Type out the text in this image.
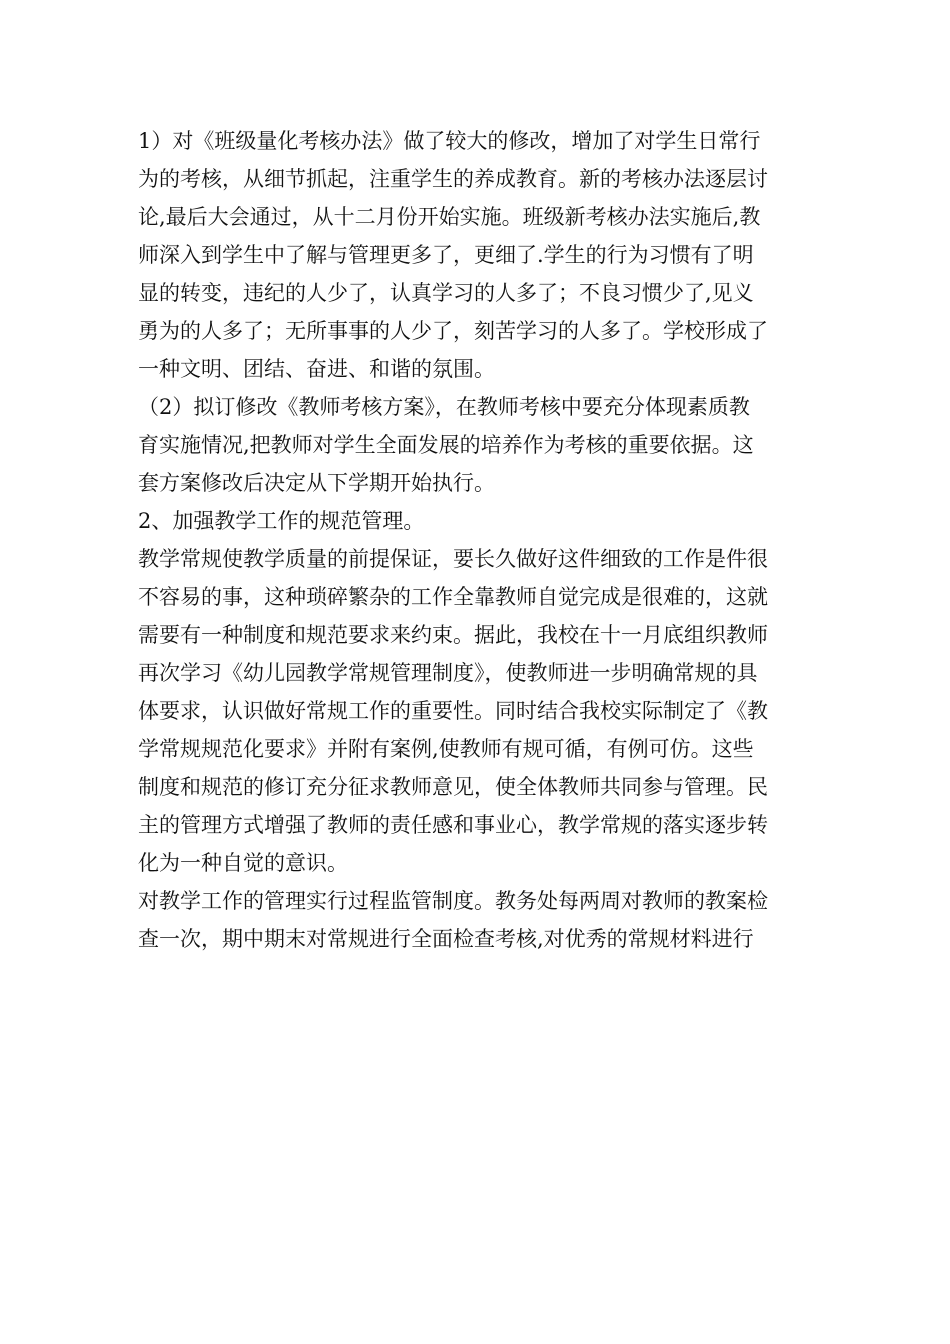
1）对《班级量化考核办法》做了较大的修改，增加了对学生日常行

为的考核，从细节抓起，注重学生的养成教育。新的考核办法逐层讨

论,最后大会通过，从十二月份开始实施。班级新考核办法实施后,教

师深入到学生中了解与管理更多了，更细了.学生的行为习惯有了明

显的转变，违纪的人少了，认真学习的人多了；不良习惯少了,见义

勇为的人多了；无所事事的人少了，刻苦学习的人多了。学校形成了

一种文明、团结、奋进、和谐的氛围。

（2）拟订修改《教师考核方案》，在教师考核中要充分体现素质教

育实施情况,把教师对学生全面发展的培养作为考核的重要依据。这

套方案修改后决定从下学期开始执行。

2、加强教学工作的规范管理。

教学常规使教学质量的前提保证，要长久做好这件细致的工作是件很

不容易的事，这种琐碎繁杂的工作全靠教师自觉完成是很难的，这就

需要有一种制度和规范要求来约束。据此，我校在十一月底组织教师

再次学习《幼儿园教学常规管理制度》，使教师进一步明确常规的具

体要求，认识做好常规工作的重要性。同时结合我校实际制定了《教

学常规规范化要求》并附有案例,使教师有规可循，有例可仿。这些

制度和规范的修订充分征求教师意见，使全体教师共同参与管理。民

主的管理方式增强了教师的责任感和事业心，教学常规的落实逐步转

化为一种自觉的意识。

对教学工作的管理实行过程监管制度。教务处每两周对教师的教案检

查一次，期中期末对常规进行全面检查考核,对优秀的常规材料进行
